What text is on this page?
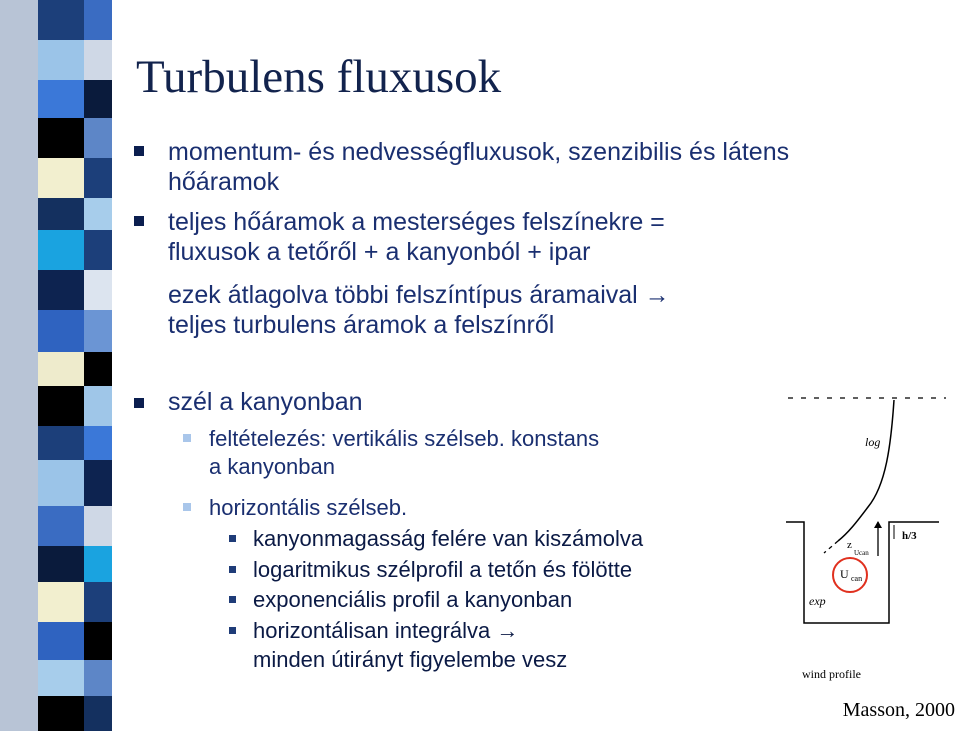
Turbulens fluxusok
momentum- és nedvességfluxusok, szenzibilis és látens
hőáramok
teljes hőáramok a mesterséges felszínekre =
fluxusok a tetőről + a kanyonból + ipar
ezek átlagolva többi felszíntípus áramaival →
teljes turbulens áramok a felszínről
szél a kanyonban
feltételezés: vertikális szélseb. konstans
a kanyonban
horizontális szélseb.
kanyonmagasság felére van kiszámolva
logaritmikus szélprofil a tetőn és fölötte
exponenciális profil a kanyonban
horizontálisan integrálva →
minden útirányt figyelembe vesz
log
h/3
z
Ucan
U can
exp
wind profile
Masson, 2000
